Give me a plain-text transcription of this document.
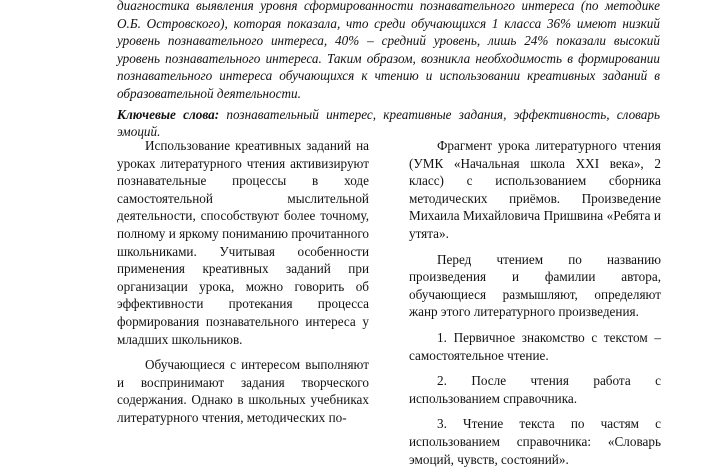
диагностика выявления уровня сформированности познавательного интереса (по методике О.Б. Островского), которая показала, что среди обучающихся 1 класса 36% имеют низкий уровень познавательного интереса, 40% – средний уровень, лишь 24% показали высокий уровень познавательного интереса. Таким образом, возникла необходимость в формировании познавательного интереса обучающихся к чтению и использовании креативных заданий в образовательной деятельности.

Ключевые слова: познавательный интерес, креативные задания, эффективность, словарь эмоций.

Использование креативных заданий на уроках литературного чтения активизируют познавательные процессы в ходе самостоятельной мыслительной деятельности, способствуют более точному, полному и яркому пониманию прочитанного школьниками. Учитывая особенности применения креативных заданий при организации урока, можно говорить об эффективности протекания процесса формирования познавательного интереса у младших школьников.

Обучающиеся с интересом выполняют и воспринимают задания творческого содержания. Однако в школьных учебниках литературного чтения, методических по-

Фрагмент урока литературного чтения (УМК «Начальная школа XXI века», 2 класс) с использованием сборника методических приёмов. Произведение Михаила Михайловича Пришвина «Ребята и утята».

Перед чтением по названию произведения и фамилии автора, обучающиеся размышляют, определяют жанр этого литературного произведения.

1. Первичное знакомство с текстом – самостоятельное чтение.

2. После чтения работа с использованием справочника.

3. Чтение текста по частям с использованием справочника: «Словарь эмоций, чувств, состояний».
